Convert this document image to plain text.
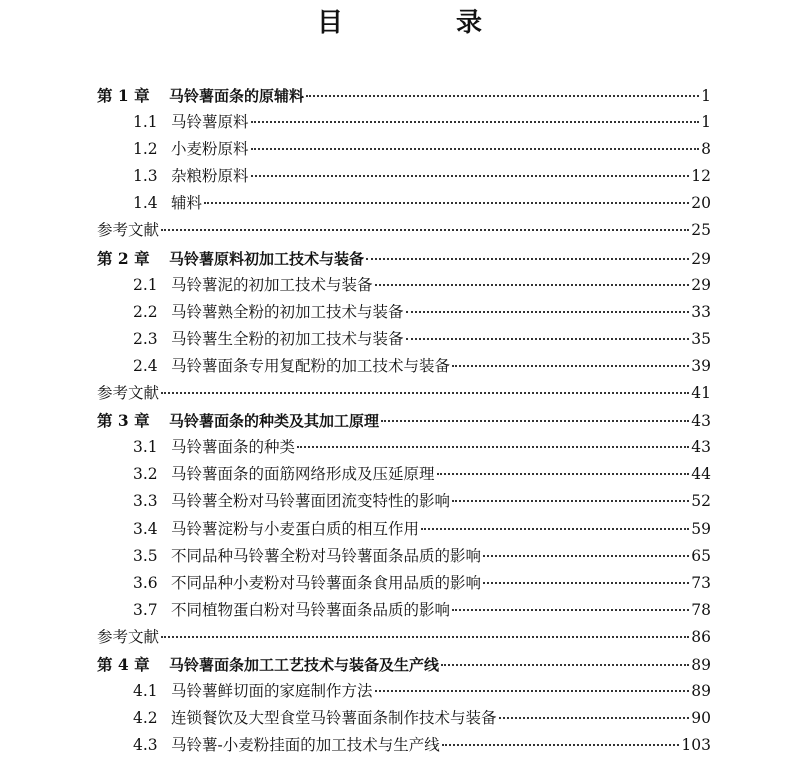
目 录
第 1 章	马铃薯面条的原辅料	1
1.1 马铃薯原料	1
1.2 小麦粉原料	8
1.3 杂粮粉原料	12
1.4 辅料	20
参考文献	25
第 2 章	马铃薯原料初加工技术与装备	29
2.1 马铃薯泥的初加工技术与装备	29
2.2 马铃薯熟全粉的初加工技术与装备	33
2.3 马铃薯生全粉的初加工技术与装备	35
2.4 马铃薯面条专用复配粉的加工技术与装备	39
参考文献	41
第 3 章	马铃薯面条的种类及其加工原理	43
3.1 马铃薯面条的种类	43
3.2 马铃薯面条的面筋网络形成及压延原理	44
3.3 马铃薯全粉对马铃薯面团流变特性的影响	52
3.4 马铃薯淀粉与小麦蛋白质的相互作用	59
3.5 不同品种马铃薯全粉对马铃薯面条品质的影响	65
3.6 不同品种小麦粉对马铃薯面条食用品质的影响	73
3.7 不同植物蛋白粉对马铃薯面条品质的影响	78
参考文献	86
第 4 章	马铃薯面条加工工艺技术与装备及生产线	89
4.1 马铃薯鲜切面的家庭制作方法	89
4.2 连锁餐饮及大型食堂马铃薯面条制作技术与装备	90
4.3 马铃薯-小麦粉挂面的加工技术与生产线	103
